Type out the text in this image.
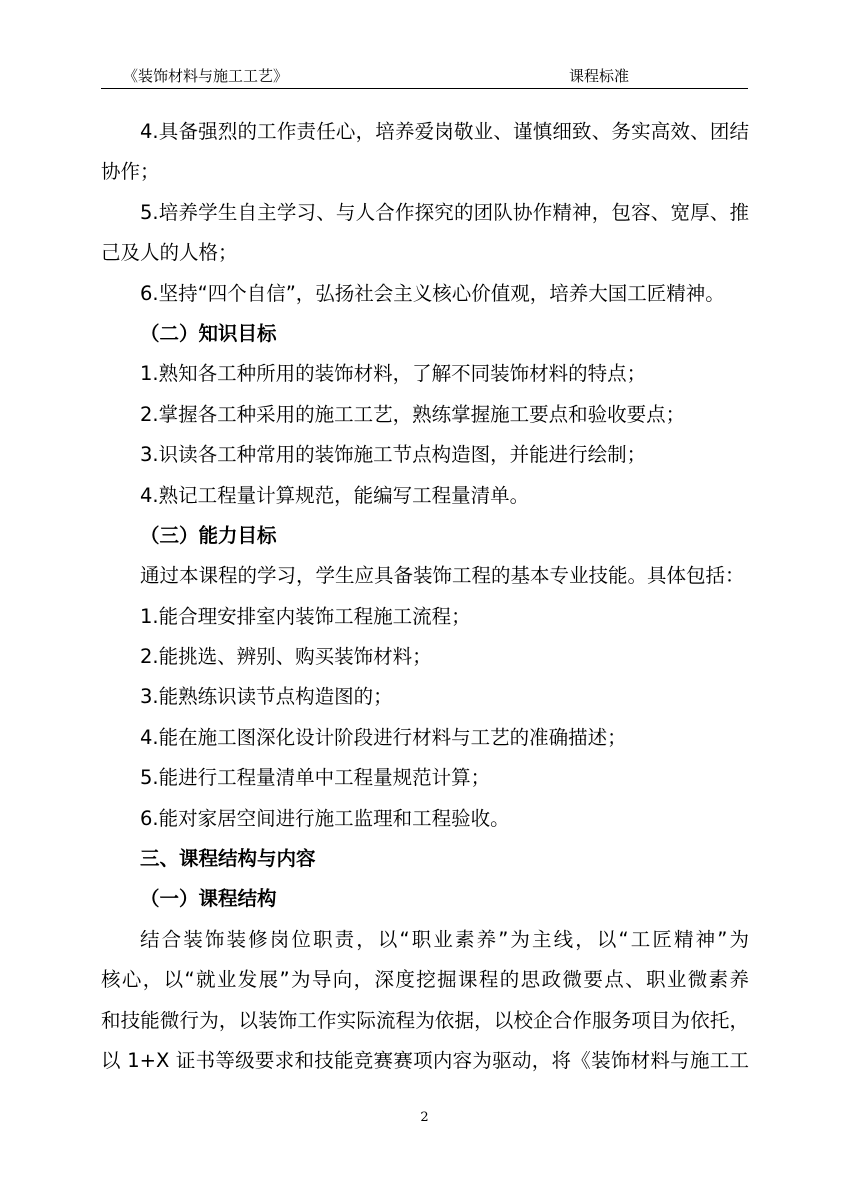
《装饰材料与施工工艺》	课程标准
4.具备强烈的工作责任心，培养爱岗敬业、谨慎细致、务实高效、团结
协作；
5.培养学生自主学习、与人合作探究的团队协作精神，包容、宽厚、推
己及人的人格；
6.坚持“四个自信”，弘扬社会主义核心价值观，培养大国工匠精神。
（二）知识目标
1.熟知各工种所用的装饰材料，了解不同装饰材料的特点；
2.掌握各工种采用的施工工艺，熟练掌握施工要点和验收要点；
3.识读各工种常用的装饰施工节点构造图，并能进行绘制；
4.熟记工程量计算规范，能编写工程量清单。
（三）能力目标
通过本课程的学习，学生应具备装饰工程的基本专业技能。具体包括：
1.能合理安排室内装饰工程施工流程；
2.能挑选、辨别、购买装饰材料；
3.能熟练识读节点构造图的；
4.能在施工图深化设计阶段进行材料与工艺的准确描述；
5.能进行工程量清单中工程量规范计算；
6.能对家居空间进行施工监理和工程验收。
三、课程结构与内容
（一）课程结构
结合装饰装修岗位职责，以“职业素养”为主线，以“工匠精神”为
核心，以“就业发展”为导向，深度挖掘课程的思政微要点、职业微素养
和技能微行为，以装饰工作实际流程为依据，以校企合作服务项目为依托，
以 1+X 证书等级要求和技能竞赛赛项内容为驱动，将《装饰材料与施工工
2
